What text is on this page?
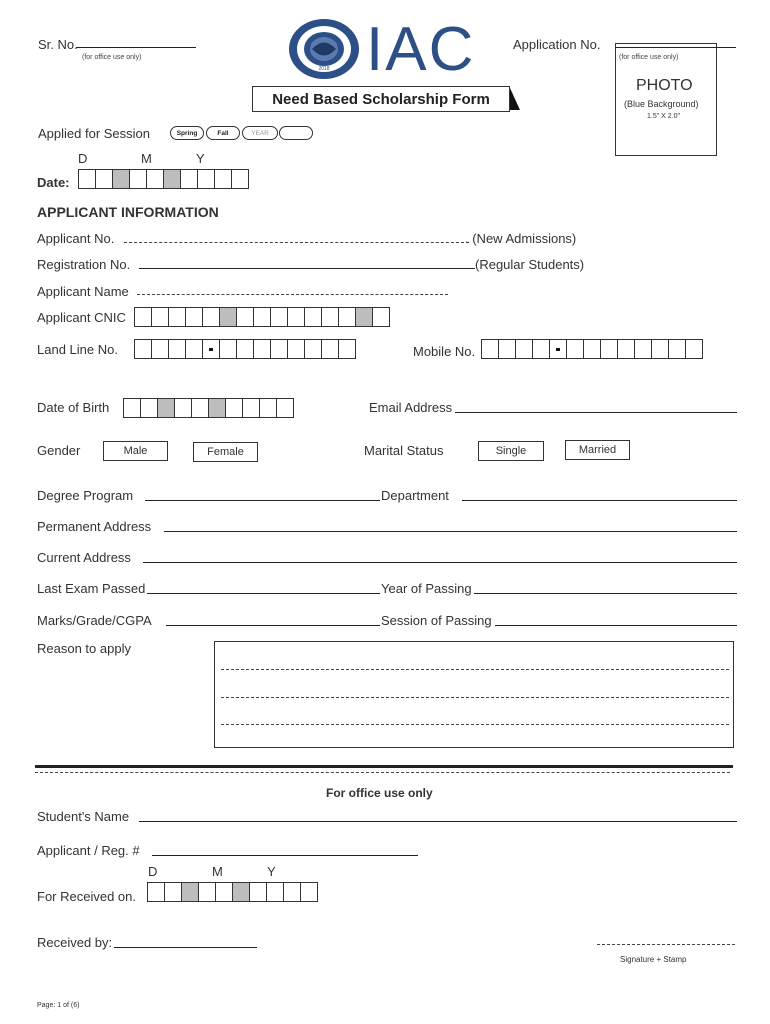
Sr. No.
(for office use only)
2018 IAC	Application No.
(for office use only)
PHOTO
(Blue Background)
1.5" X 2.0"
Need Based Scholarship Form
Applied for Session	Spring	Fall	YEAR
D	M	Y
Date:
APPLICANT INFORMATION
Applicant No.	. (New Admissions)
Registration No.	(Regular Students)
Applicant Name
Applicant CNIC
Land Line No.	Mobile No.
Date of Birth	Email Address
Gender	Male	Female	Marital Status	Single	Married
Degree Program	Department
Permanent Address
Current Address
Last Exam Passed	Year of Passing
Marks/Grade/CGPA	Session of Passing
Reason to apply
For office use only
Student's Name
Applicant / Reg. #
D	M	Y
For Received on.
Received by:
Signature + Stamp
Page: 1 of (6)
